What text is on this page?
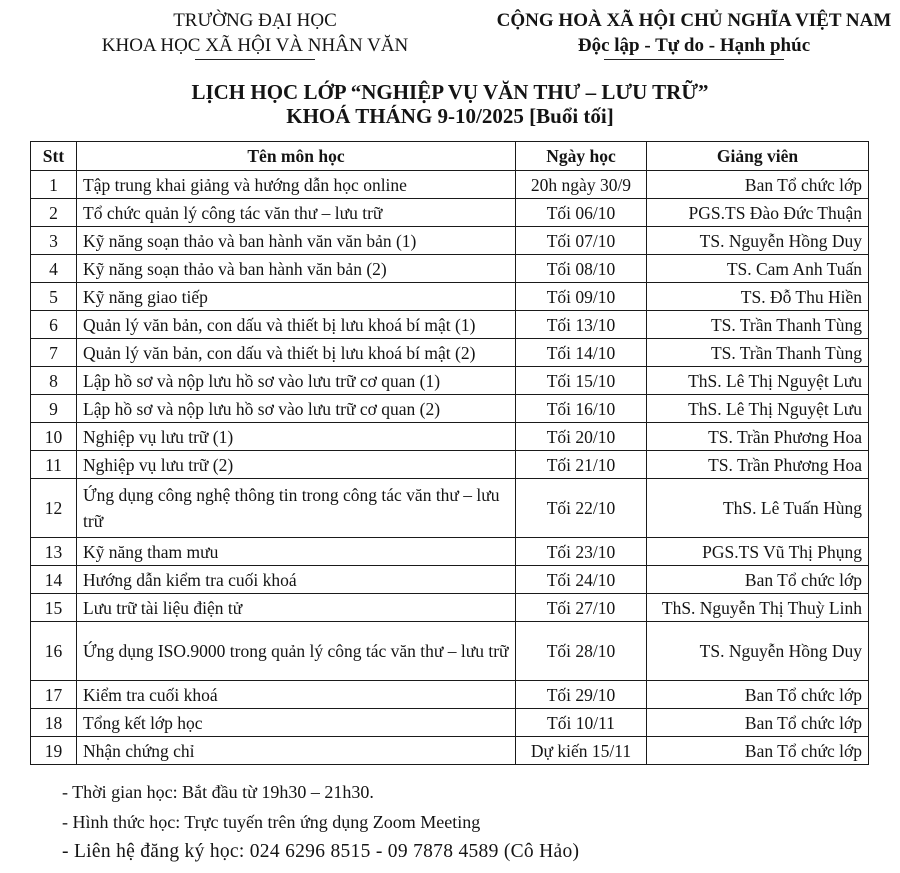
TRƯỜNG ĐẠI HỌC
KHOA HỌC XÃ HỘI VÀ NHÂN VĂN
CỘNG HOÀ XÃ HỘI CHỦ NGHĨA VIỆT NAM
Độc lập - Tự do - Hạnh phúc
LỊCH HỌC LỚP “NGHIỆP VỤ VĂN THƯ – LƯU TRỮ”
KHOÁ THÁNG 9-10/2025 [Buổi tối]
Stt	Tên môn học	Ngày học	Giảng viên
1	Tập trung khai giảng và hướng dẫn học online	20h ngày 30/9	Ban Tổ chức lớp
2	Tổ chức quản lý công tác văn thư – lưu trữ	Tối 06/10	PGS.TS Đào Đức Thuận
3	Kỹ năng soạn thảo và ban hành văn văn bản (1)	Tối 07/10	TS. Nguyễn Hồng Duy
4	Kỹ năng soạn thảo và ban hành văn bản (2)	Tối 08/10	TS. Cam Anh Tuấn
5	Kỹ năng giao tiếp	Tối 09/10	TS. Đỗ Thu Hiền
6	Quản lý văn bản, con dấu và thiết bị lưu khoá bí mật (1)	Tối 13/10	TS. Trần Thanh Tùng
7	Quản lý văn bản, con dấu và thiết bị lưu khoá bí mật (2)	Tối 14/10	TS. Trần Thanh Tùng
8	Lập hồ sơ và nộp lưu hồ sơ vào lưu trữ cơ quan (1)	Tối 15/10	ThS. Lê Thị Nguyệt Lưu
9	Lập hồ sơ và nộp lưu hồ sơ vào lưu trữ cơ quan (2)	Tối 16/10	ThS. Lê Thị Nguyệt Lưu
10	Nghiệp vụ lưu trữ (1)	Tối 20/10	TS. Trần Phương Hoa
11	Nghiệp vụ lưu trữ (2)	Tối 21/10	TS. Trần Phương Hoa
12	Ứng dụng công nghệ thông tin trong công tác văn thư – lưu trữ	Tối 22/10	ThS. Lê Tuấn Hùng
13	Kỹ năng tham mưu	Tối 23/10	PGS.TS Vũ Thị Phụng
14	Hướng dẫn kiểm tra cuối khoá	Tối 24/10	Ban Tổ chức lớp
15	Lưu trữ tài liệu điện tử	Tối 27/10	ThS. Nguyễn Thị Thuỳ Linh
16	Ứng dụng ISO.9000 trong quản lý công tác văn thư – lưu trữ	Tối 28/10	TS. Nguyễn Hồng Duy
17	Kiểm tra cuối khoá	Tối 29/10	Ban Tổ chức lớp
18	Tổng kết lớp học	Tối 10/11	Ban Tổ chức lớp
19	Nhận chứng chỉ	Dự kiến 15/11	Ban Tổ chức lớp
- Thời gian học: Bắt đầu từ 19h30 – 21h30.
- Hình thức học: Trực tuyến trên ứng dụng Zoom Meeting
- Liên hệ đăng ký học: 024 6296 8515 - 09 7878 4589 (Cô Hảo)
